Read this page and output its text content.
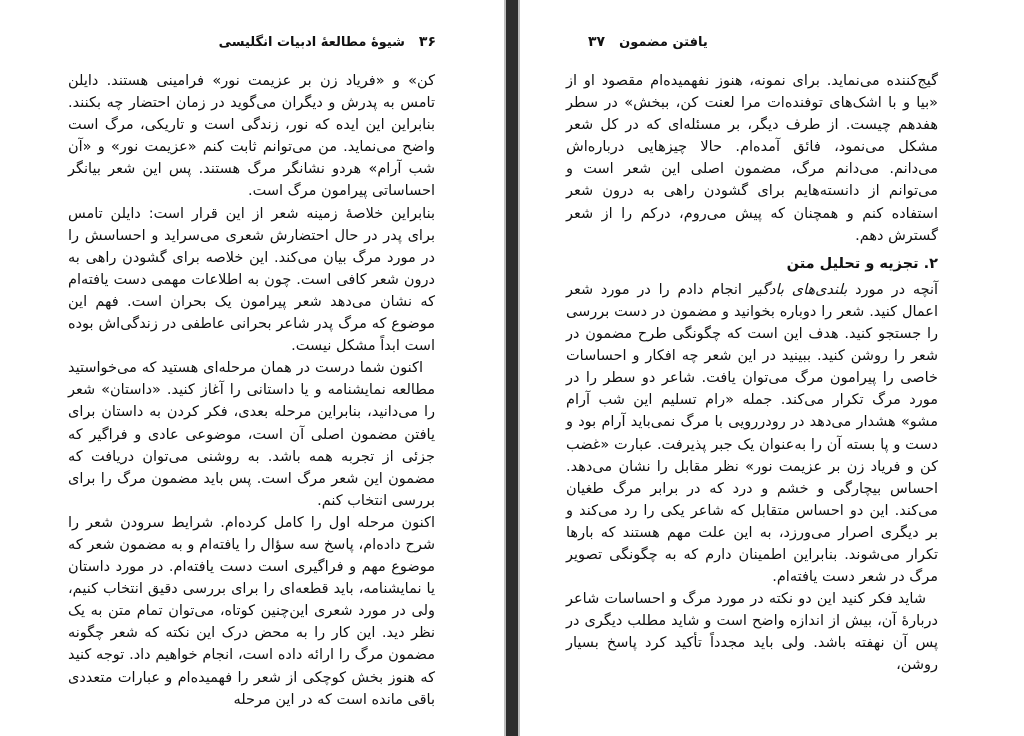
۳۶
شیوهٔ مطالعهٔ ادبیات انگلیسی

کن» و «فریاد زن بر عزیمت نور» فرامینی هستند. دایلن تامس به پدرش و دیگران می‌گوید در زمان احتضار چه بکنند. بنابراین این ایده که نور، زندگی است و تاریکی، مرگ است واضح می‌نماید. من می‌توانم ثابت کنم «عزیمت نور» و «آن شب آرام» هردو نشانگر مرگ هستند. پس این شعر بیانگر احساساتی پیرامون مرگ است.

بنابراین خلاصهٔ زمینه شعر از این قرار است: دایلن تامس برای پدر در حال احتضارش شعری می‌سراید و احساسش را در مورد مرگ بیان می‌کند. این خلاصه برای گشودن راهی به درون شعر کافی است. چون به اطلاعات مهمی دست یافته‌ام که نشان می‌دهد شعر پیرامون یک بحران است. فهم این موضوع که مرگ پدر شاعر بحرانی عاطفی در زندگی‌اش بوده است ابداً مشکل نیست.

اکنون شما درست در همان مرحله‌ای هستید که می‌خواستید مطالعه نمایشنامه و یا داستانی را آغاز کنید. «داستان» شعر را می‌دانید، بنابراین مرحله بعدی، فکر کردن به داستان برای یافتن مضمون اصلی آن است، موضوعی عادی و فراگیر که جزئی از تجربه همه باشد. به روشنی می‌توان دریافت که مضمون این شعر مرگ است. پس باید مضمون مرگ را برای بررسی انتخاب کنم.

اکنون مرحله اول را کامل کرده‌ام. شرایط سرودن شعر را شرح داده‌ام، پاسخ سه سؤال را یافته‌ام و به مضمون شعر که موضوع مهم و فراگیری است دست یافته‌ام. در مورد داستان یا نمایشنامه، باید قطعه‌ای را برای بررسی دقیق انتخاب کنیم، ولی در مورد شعری این‌چنین کوتاه، می‌توان تمام متن به یک نظر دید. این کار را به محض درک این نکته که شعر چگونه مضمون مرگ را ارائه داده است، انجام خواهیم داد. توجه کنید که هنوز بخش کوچکی از شعر را فهمیده‌ام و عبارات متعددی باقی مانده است که در این مرحله

یافتن مضمون
۳۷

گیج‌کننده می‌نماید. برای نمونه، هنوز نفهمیده‌ام مقصود او از «بیا و با اشک‌های توفنده‌ات مرا لعنت کن، ببخش» در سطر هفدهم چیست. از طرف دیگر، بر مسئله‌ای که در کل شعر مشکل می‌نمود، فائق آمده‌ام. حالا چیزهایی درباره‌اش می‌دانم. می‌دانم مرگ، مضمون اصلی این شعر است و می‌توانم از دانسته‌هایم برای گشودن راهی به درون شعر استفاده کنم و همچنان که پیش می‌روم، درکم را از شعر گسترش دهم.

۲. تجزیه و تحلیل متن

آنچه در مورد بلندی‌های بادگیر انجام دادم را در مورد شعر اعمال کنید. شعر را دوباره بخوانید و مضمون در دست بررسی را جستجو کنید. هدف این است که چگونگی طرح مضمون در شعر را روشن کنید. ببینید در این شعر چه افکار و احساسات خاصی را پیرامون مرگ می‌توان یافت. شاعر دو سطر را در مورد مرگ تکرار می‌کند. جمله «رام تسلیم این شب آرام مشو» هشدار می‌دهد در رودررویی با مرگ نمی‌باید آرام بود و دست و پا بسته آن را به‌عنوان یک جبر پذیرفت. عبارت «غضب کن و فریاد زن بر عزیمت نور» نظر مقابل را نشان می‌دهد. احساس بیچارگی و خشم و درد که در برابر مرگ طغیان می‌کند. این دو احساس متقابل که شاعر یکی را رد می‌کند و بر دیگری اصرار می‌ورزد، به این علت مهم هستند که بارها تکرار می‌شوند. بنابراین اطمینان دارم که به چگونگی تصویر مرگ در شعر دست یافته‌ام.

شاید فکر کنید این دو نکته در مورد مرگ و احساسات شاعر دربارهٔ آن، بیش از اندازه واضح است و شاید مطلب دیگری در پس آن نهفته باشد. ولی باید مجدداً تأکید کرد پاسخ بسیار روشن،
